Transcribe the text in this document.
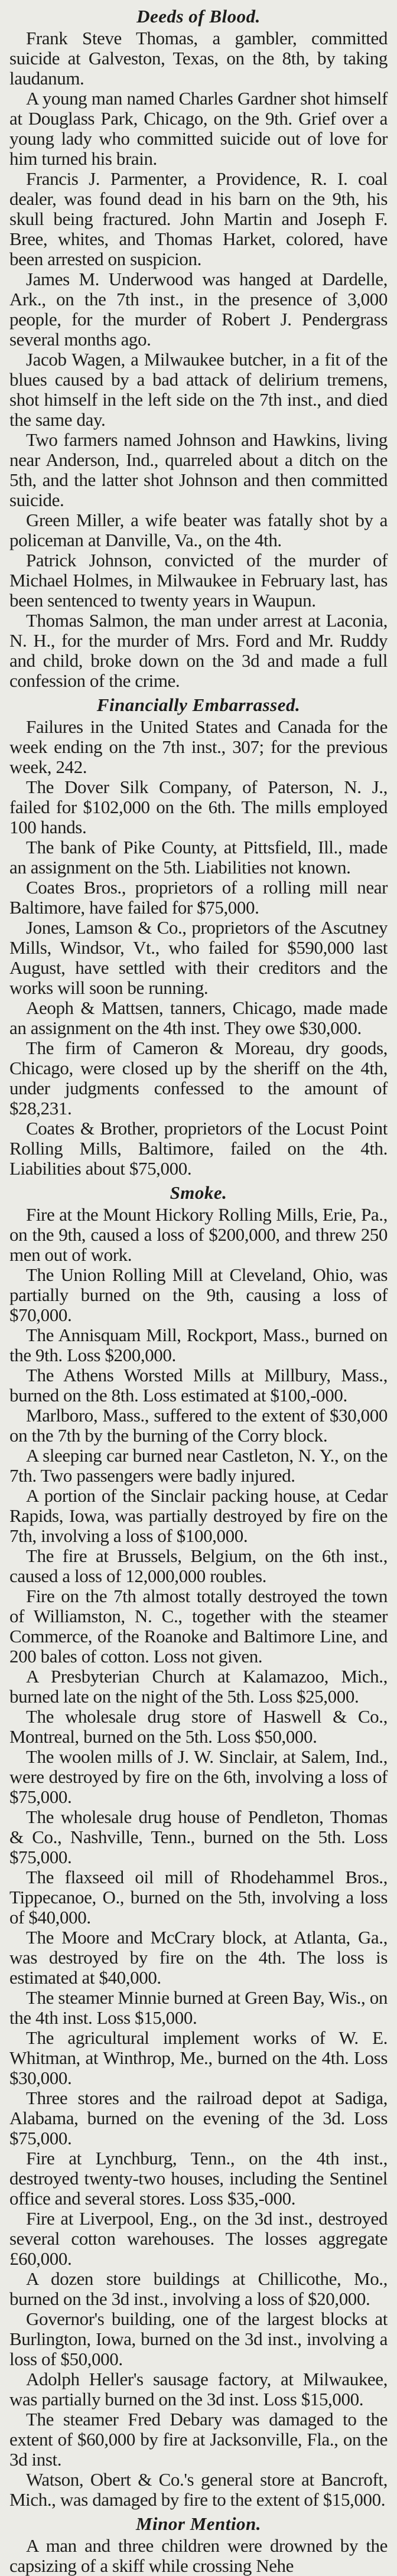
Deeds of Blood.

Frank Steve Thomas, a gambler, committed suicide at Galveston, Texas, on the 8th, by taking laudanum.

A young man named Charles Gardner shot himself at Douglass Park, Chicago, on the 9th. Grief over a young lady who committed suicide out of love for him turned his brain.

Francis J. Parmenter, a Providence, R. I. coal dealer, was found dead in his barn on the 9th, his skull being fractured. John Martin and Joseph F. Bree, whites, and Thomas Harket, colored, have been arrested on suspicion.

James M. Underwood was hanged at Dardelle, Ark., on the 7th inst., in the presence of 3,000 people, for the murder of Robert J. Pendergrass several months ago.

Jacob Wagen, a Milwaukee butcher, in a fit of the blues caused by a bad attack of delirium tremens, shot himself in the left side on the 7th inst., and died the same day.

Two farmers named Johnson and Hawkins, living near Anderson, Ind., quarreled about a ditch on the 5th, and the latter shot Johnson and then committed suicide.

Green Miller, a wife beater was fatally shot by a policeman at Danville, Va., on the 4th.

Patrick Johnson, convicted of the murder of Michael Holmes, in Milwaukee in February last, has been sentenced to twenty years in Waupun.

Thomas Salmon, the man under arrest at Laconia, N. H., for the murder of Mrs. Ford and Mr. Ruddy and child, broke down on the 3d and made a full confession of the crime.

Financially Embarrassed.

Failures in the United States and Canada for the week ending on the 7th inst., 307; for the previous week, 242.

The Dover Silk Company, of Paterson, N. J., failed for $102,000 on the 6th. The mills employed 100 hands.

The bank of Pike County, at Pittsfield, Ill., made an assignment on the 5th. Liabilities not known.

Coates Bros., proprietors of a rolling mill near Baltimore, have failed for $75,000.

Jones, Lamson & Co., proprietors of the Ascutney Mills, Windsor, Vt., who failed for $590,000 last August, have settled with their creditors and the works will soon be running.

Aeoph & Mattsen, tanners, Chicago, made made an assignment on the 4th inst. They owe $30,000.

The firm of Cameron & Moreau, dry goods, Chicago, were closed up by the sheriff on the 4th, under judgments confessed to the amount of $28,231.

Coates & Brother, proprietors of the Locust Point Rolling Mills, Baltimore, failed on the 4th. Liabilities about $75,000.

Smoke.

Fire at the Mount Hickory Rolling Mills, Erie, Pa., on the 9th, caused a loss of $200,000, and threw 250 men out of work.

The Union Rolling Mill at Cleveland, Ohio, was partially burned on the 9th, causing a loss of $70,000.

The Annisquam Mill, Rockport, Mass., burned on the 9th. Loss $200,000.

The Athens Worsted Mills at Millbury, Mass., burned on the 8th. Loss estimated at $100,-000.

Marlboro, Mass., suffered to the extent of $30,000 on the 7th by the burning of the Corry block.

A sleeping car burned near Castleton, N. Y., on the 7th. Two passengers were badly injured.

A portion of the Sinclair packing house, at Cedar Rapids, Iowa, was partially destroyed by fire on the 7th, involving a loss of $100,000.

The fire at Brussels, Belgium, on the 6th inst., caused a loss of 12,000,000 roubles.

Fire on the 7th almost totally destroyed the town of Williamston, N. C., together with the steamer Commerce, of the Roanoke and Baltimore Line, and 200 bales of cotton. Loss not given.

A Presbyterian Church at Kalamazoo, Mich., burned late on the night of the 5th. Loss $25,000.

The wholesale drug store of Haswell & Co., Montreal, burned on the 5th. Loss $50,000.

The woolen mills of J. W. Sinclair, at Salem, Ind., were destroyed by fire on the 6th, involving a loss of $75,000.

The wholesale drug house of Pendleton, Thomas & Co., Nashville, Tenn., burned on the 5th. Loss $75,000.

The flaxseed oil mill of Rhodehammel Bros., Tippecanoe, O., burned on the 5th, involving a loss of $40,000.

The Moore and McCrary block, at Atlanta, Ga., was destroyed by fire on the 4th. The loss is estimated at $40,000.

The steamer Minnie burned at Green Bay, Wis., on the 4th inst. Loss $15,000.

The agricultural implement works of W. E. Whitman, at Winthrop, Me., burned on the 4th. Loss $30,000.

Three stores and the railroad depot at Sadiga, Alabama, burned on the evening of the 3d. Loss $75,000.

Fire at Lynchburg, Tenn., on the 4th inst., destroyed twenty-two houses, including the Sentinel office and several stores. Loss $35,-000.

Fire at Liverpool, Eng., on the 3d inst., destroyed several cotton warehouses. The losses aggregate £60,000.

A dozen store buildings at Chillicothe, Mo., burned on the 3d inst., involving a loss of $20,000.

Governor's building, one of the largest blocks at Burlington, Iowa, burned on the 3d inst., involving a loss of $50,000.

Adolph Heller's sausage factory, at Milwaukee, was partially burned on the 3d inst. Loss $15,000.

The steamer Fred Debary was damaged to the extent of $60,000 by fire at Jacksonville, Fla., on the 3d inst.

Watson, Obert & Co.'s general store at Bancroft, Mich., was damaged by fire to the extent of $15,000.

Minor Mention.

A man and three children were drowned by the capsizing of a skiff while crossing Nehe
